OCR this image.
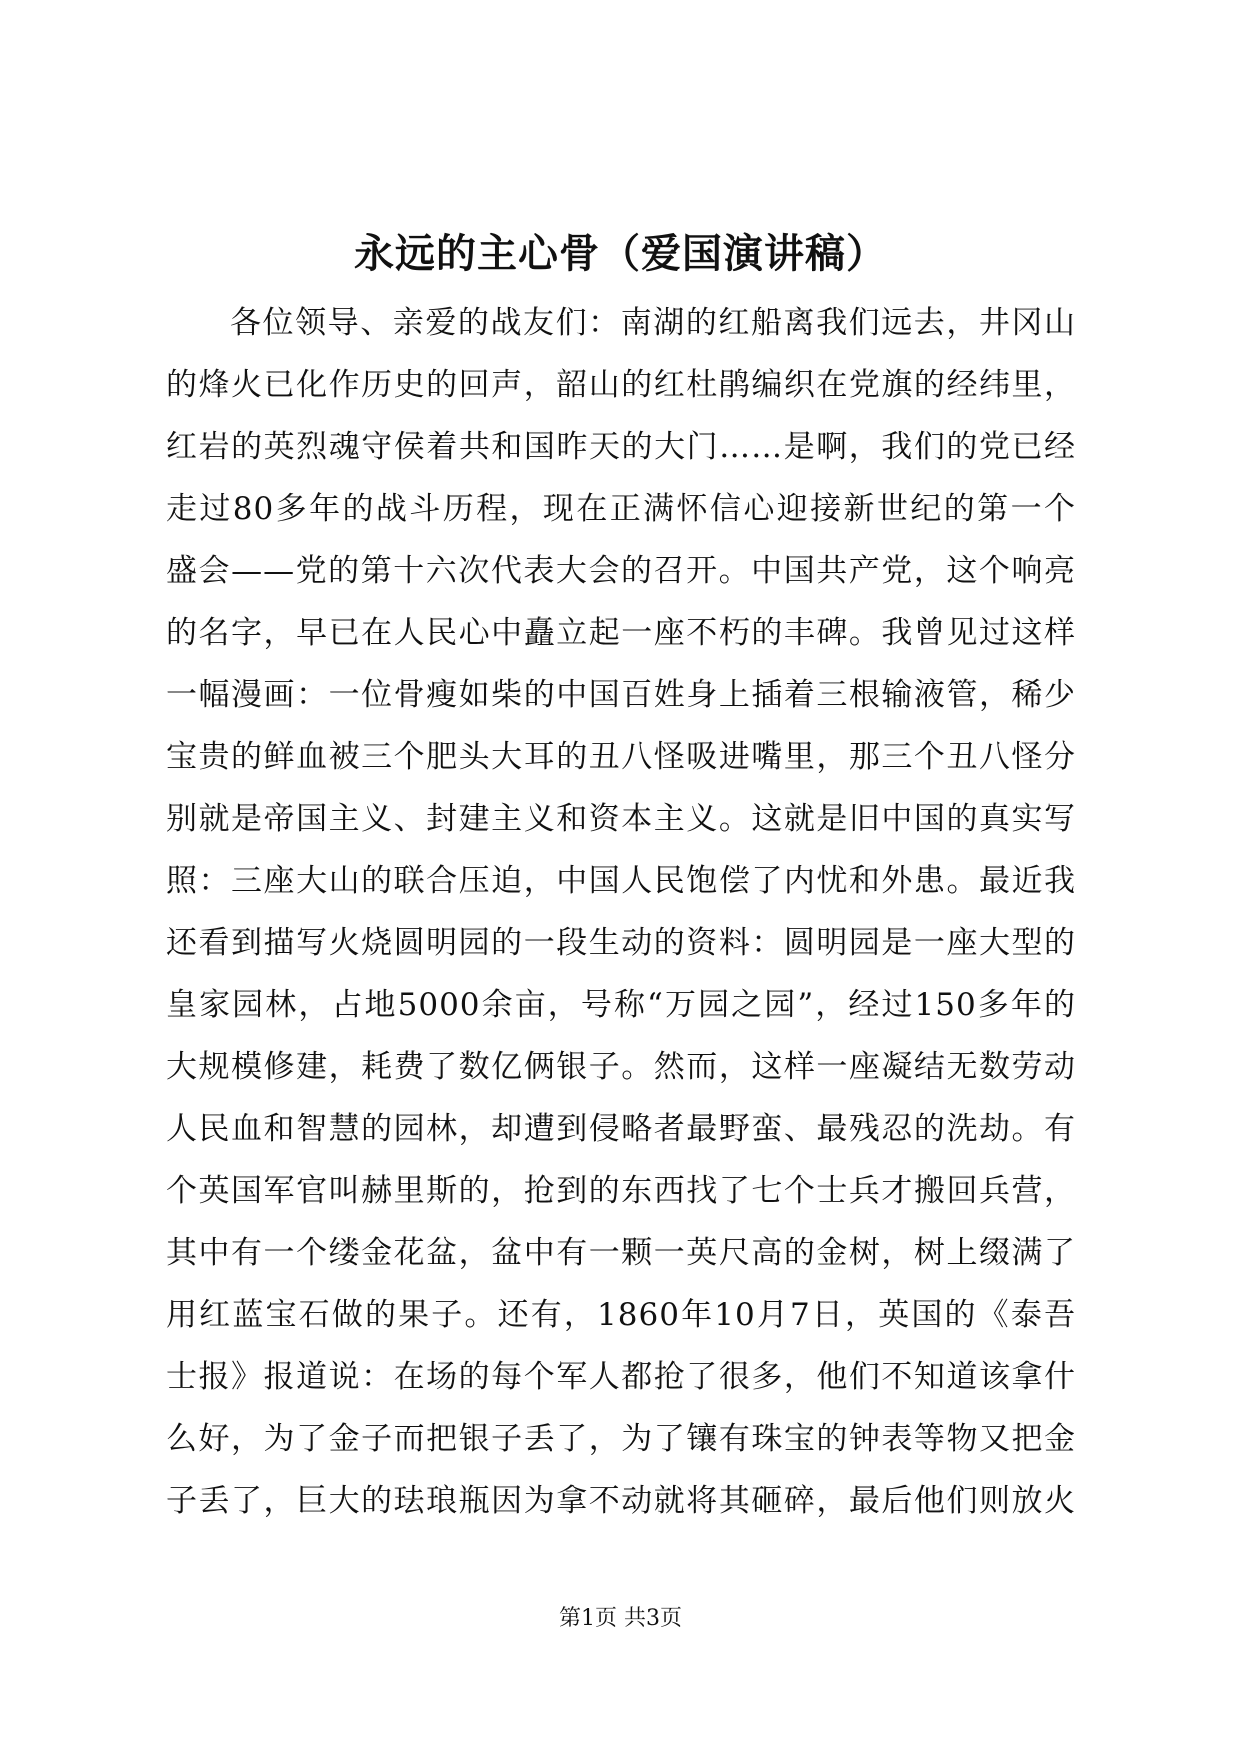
永远的主心骨（爱国演讲稿）
各位领导、亲爱的战友们：南湖的红船离我们远去，井冈山
的烽火已化作历史的回声，韶山的红杜鹃编织在党旗的经纬里，
红岩的英烈魂守侯着共和国昨天的大门……是啊，我们的党已经
走过80多年的战斗历程，现在正满怀信心迎接新世纪的第一个
盛会——党的第十六次代表大会的召开。中国共产党，这个响亮
的名字，早已在人民心中矗立起一座不朽的丰碑。我曾见过这样
一幅漫画：一位骨瘦如柴的中国百姓身上插着三根输液管，稀少
宝贵的鲜血被三个肥头大耳的丑八怪吸进嘴里，那三个丑八怪分
别就是帝国主义、封建主义和资本主义。这就是旧中国的真实写
照：三座大山的联合压迫，中国人民饱偿了内忧和外患。最近我
还看到描写火烧圆明园的一段生动的资料：圆明园是一座大型的
皇家园林，占地5000余亩，号称“万园之园”，经过150多年的
大规模修建，耗费了数亿俩银子。然而，这样一座凝结无数劳动
人民血和智慧的园林，却遭到侵略者最野蛮、最残忍的洗劫。有
个英国军官叫赫里斯的，抢到的东西找了七个士兵才搬回兵营，
其中有一个缕金花盆，盆中有一颗一英尺高的金树，树上缀满了
用红蓝宝石做的果子。还有，1860年10月7日，英国的《泰吾
士报》报道说：在场的每个军人都抢了很多，他们不知道该拿什
么好，为了金子而把银子丢了，为了镶有珠宝的钟表等物又把金
子丢了，巨大的珐琅瓶因为拿不动就将其砸碎，最后他们则放火
第1页 共3页
